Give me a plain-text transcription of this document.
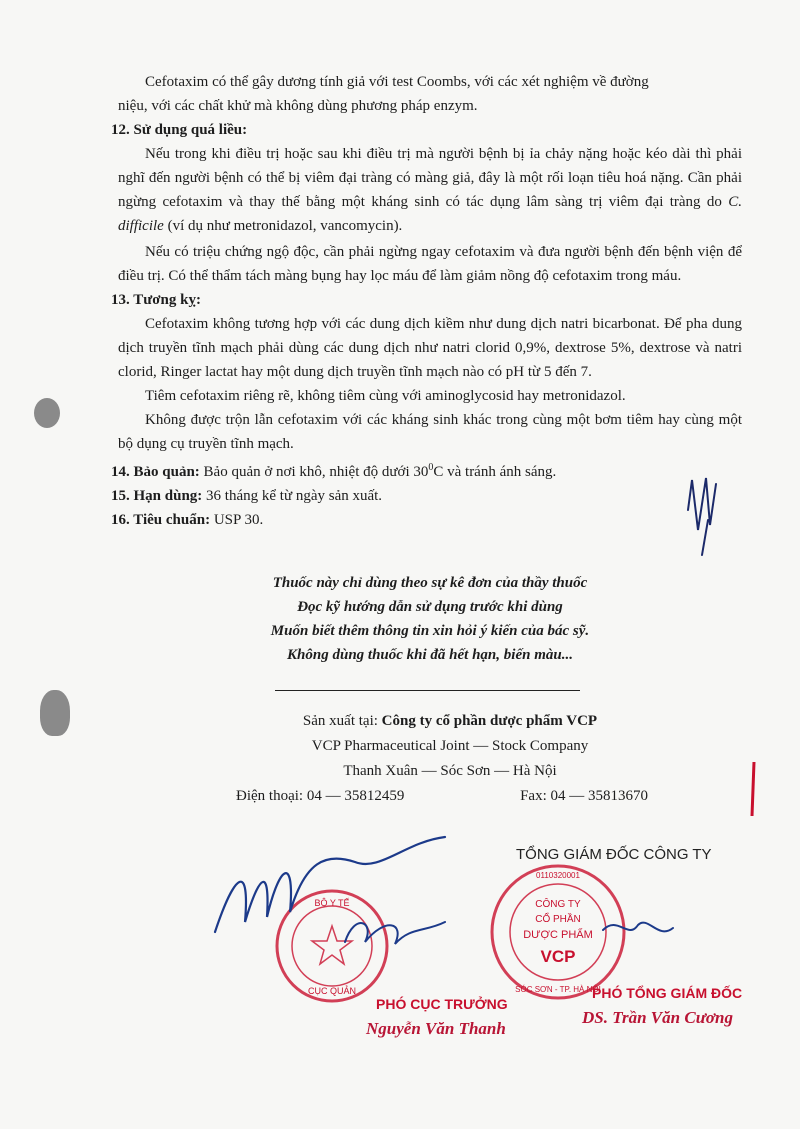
Cefotaxim có thể gây dương tính giả với test Coombs, với các xét nghiệm về đường

niệu, với các chất khử mà không dùng phương pháp enzym.

12. Sử dụng quá liều:

Nếu trong khi điều trị hoặc sau khi điều trị mà người bệnh bị ỉa chảy nặng hoặc kéo dài thì phải nghĩ đến người bệnh có thể bị viêm đại tràng có màng giả, đây là một rối loạn tiêu hoá nặng. Cần phải ngừng cefotaxim và thay thế bằng một kháng sinh có tác dụng lâm sàng trị viêm đại tràng do C. difficile (ví dụ như metronidazol, vancomycin).

Nếu có triệu chứng ngộ độc, cần phải ngừng ngay cefotaxim và đưa người bệnh đến bệnh viện để điều trị. Có thể thẩm tách màng bụng hay lọc máu để làm giảm nồng độ cefotaxim trong máu.

13. Tương kỵ:

Cefotaxim không tương hợp với các dung dịch kiềm như dung dịch natri bicarbonat. Để pha dung dịch truyền tĩnh mạch phải dùng các dung dịch như natri clorid 0,9%, dextrose 5%, dextrose và natri clorid, Ringer lactat hay một dung dịch truyền tĩnh mạch nào có pH từ 5 đến 7.

Tiêm cefotaxim riêng rẽ, không tiêm cùng với aminoglycosid hay metronidazol.

Không được trộn lẫn cefotaxim với các kháng sinh khác trong cùng một bơm tiêm hay cùng một bộ dụng cụ truyền tĩnh mạch.

14. Bảo quản: Bảo quản ở nơi khô, nhiệt độ dưới $30^0C$ và tránh ánh sáng.

15. Hạn dùng: 36 tháng kể từ ngày sản xuất.

16. Tiêu chuẩn: USP 30.

Thuốc này chỉ dùng theo sự kê đơn của thầy thuốc
Đọc kỹ hướng dẫn sử dụng trước khi dùng
Muốn biết thêm thông tin xin hỏi ý kiến của bác sỹ.
Không dùng thuốc khi đã hết hạn, biến màu...
Sản xuất tại: Công ty cổ phần dược phẩm VCP
VCP Pharmaceutical Joint — Stock Company
Thanh Xuân — Sóc Sơn — Hà Nội
Điện thoại: 04 — 35812459	Fax: 04 — 35813670
TỔNG GIÁM ĐỐC CÔNG TY
BỘ Y TẾ
CỤC QUẢN
0110320001
SÓC SƠN - TP. HÀ NỘI
CÔNG TY
CỔ PHẦN
DƯỢC PHẨM
VCP
PHÓ CỤC TRƯỞNG
Nguyễn Văn Thanh
PHÓ TỔNG GIÁM ĐỐC
DS. Trần Văn Cương
